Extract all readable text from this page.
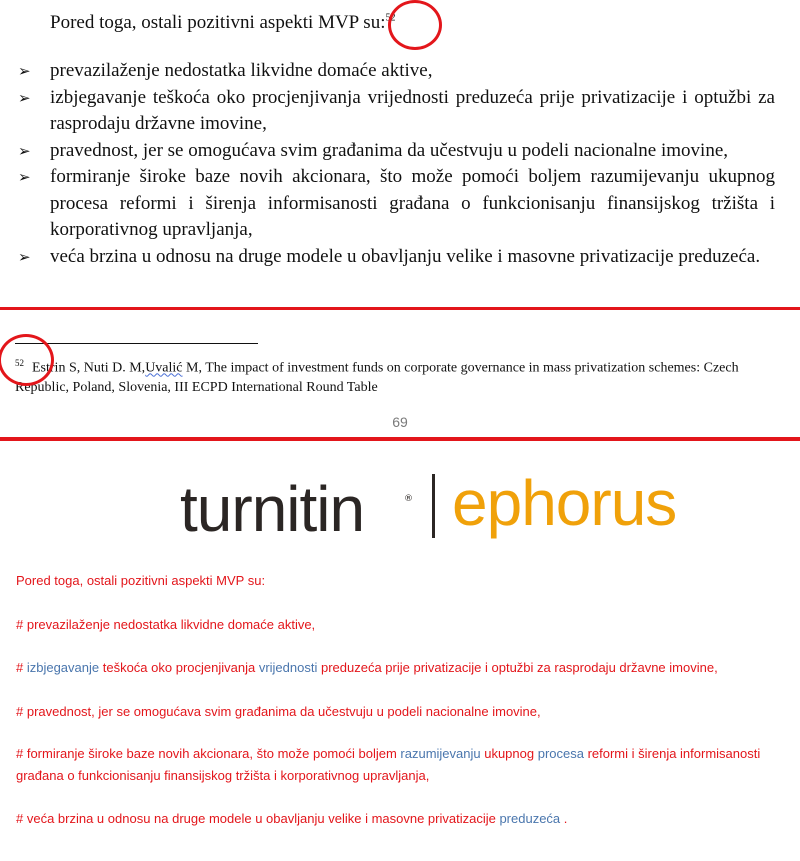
Pored toga, ostali pozitivni aspekti MVP su:$^{52}$
➢ prevazilaženje nedostatka likvidne domaće aktive,
➢ izbjegavanje teškoća oko procjenjivanja vrijednosti preduzeća prije privatizacije i optužbi za rasprodaju državne imovine,
➢ pravednost, jer se omogućava svim građanima da učestvuju u podeli nacionalne imovine,
➢ formiranje široke baze novih akcionara, što može pomoći boljem razumijevanju ukupnog procesa reformi i širenja informisanosti građana o funkcionisanju finansijskog tržišta i korporativnog upravljanja,
➢ veća brzina u odnosu na druge modele u obavljanju velike i masovne privatizacije preduzeća.
$^{52}$ Estrin S, Nuti D. M,Uvalić M, The impact of investment funds on corporate governance in mass privatization schemes: Czech Republic, Poland, Slovenia, III ECPD International Round Table
69
turnitin	® ephorus
Pored toga, ostali pozitivni aspekti MVP su:
# prevazilaženje nedostatka likvidne domaće aktive,
# izbjegavanje teškoća oko procjenjivanja vrijednosti preduzeća prije privatizacije i optužbi za rasprodaju državne imovine,
# pravednost, jer se omogućava svim građanima da učestvuju u podeli nacionalne imovine,
# formiranje široke baze novih akcionara, što može pomoći boljem razumijevanju ukupnog procesa reformi i širenja informisanosti građana o funkcionisanju finansijskog tržišta i korporativnog upravljanja,
# veća brzina u odnosu na druge modele u obavljanju velike i masovne privatizacije preduzeća .
